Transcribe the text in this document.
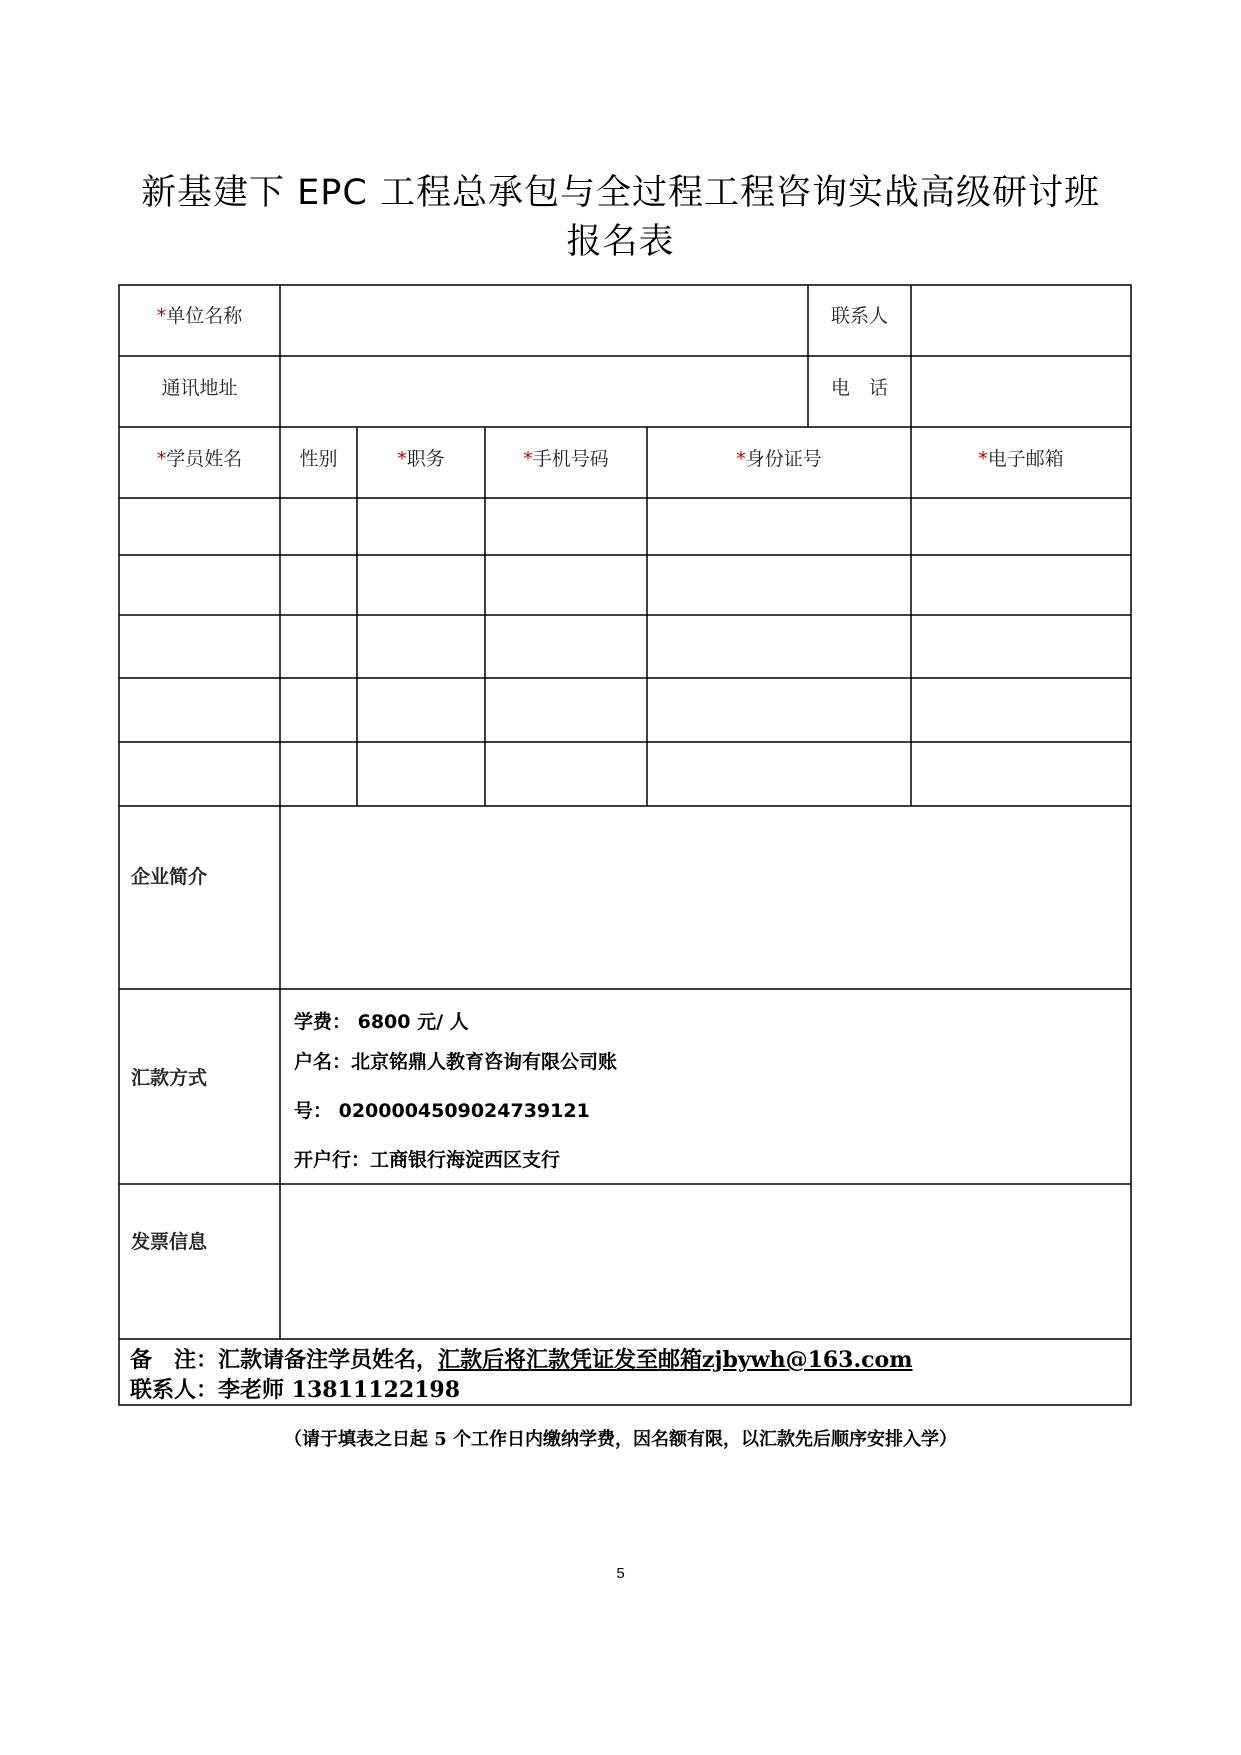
新基建下 EPC 工程总承包与全过程工程咨询实战高级研讨班
报名表
*单位名称	联系人
通讯地址	电　话
*学员姓名	性别	*职务	*手机号码	*身份证号	*电子邮箱
企业简介
汇款方式
学费： 6800 元/ 人
户名：北京铭鼎人教育咨询有限公司账
号： 0200004509024739121
开户行：工商银行海淀西区支行
发票信息
备　注：汇款请备注学员姓名，汇款后将汇款凭证发至邮箱zjbywh@163.com
联系人：李老师 13811122198
（请于填表之日起 5 个工作日内缴纳学费，因名额有限，以汇款先后顺序安排入学）
5
